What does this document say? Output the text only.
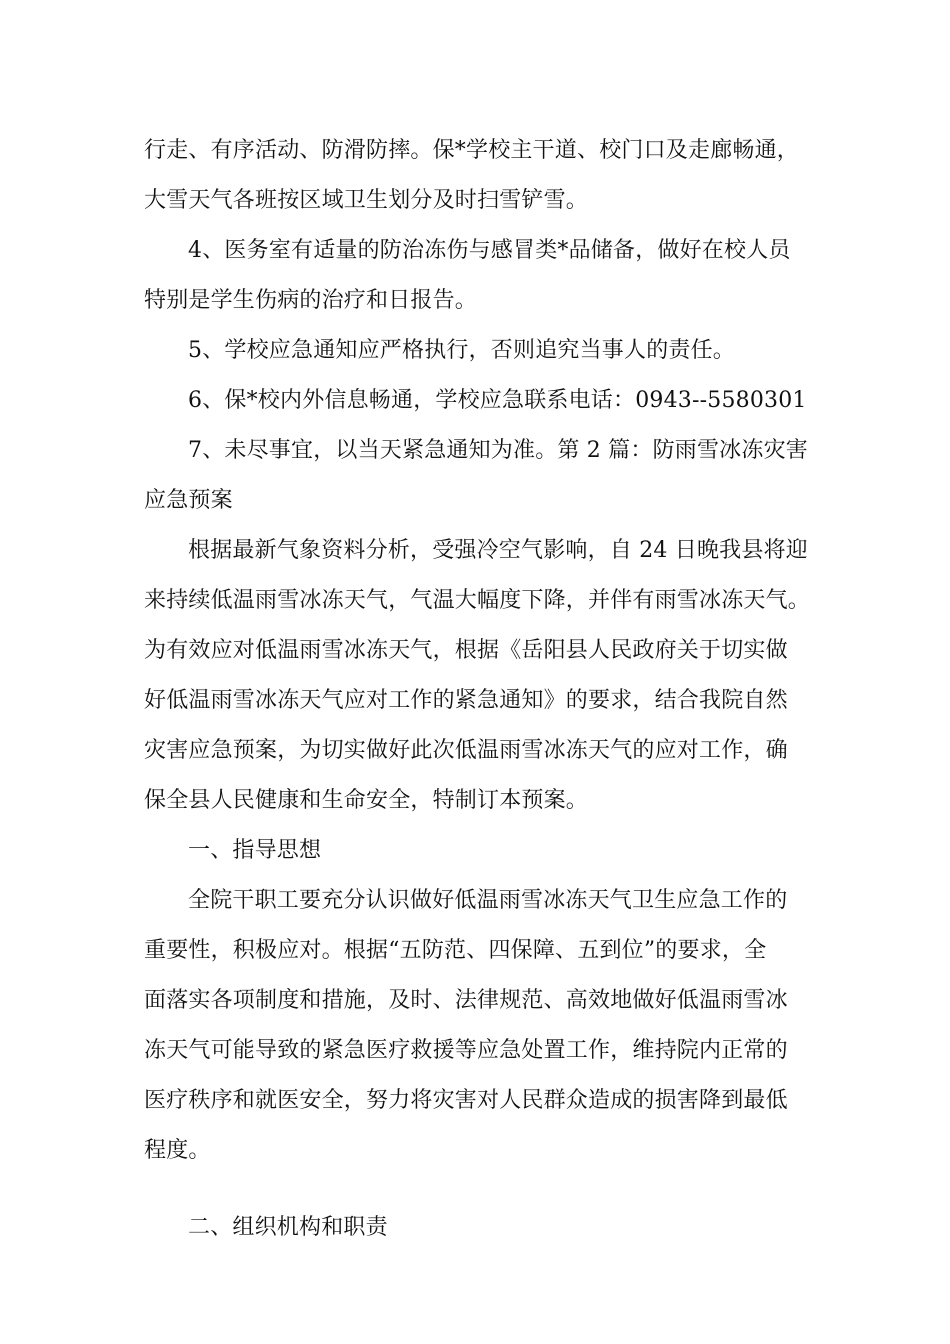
行走、有序活动、防滑防摔。保*学校主干道、校门口及走廊畅通，
大雪天气各班按区域卫生划分及时扫雪铲雪。
4、医务室有适量的防治冻伤与感冒类*品储备，做好在校人员
特别是学生伤病的治疗和日报告。
5、学校应急通知应严格执行，否则追究当事人的责任。
6、保*校内外信息畅通，学校应急联系电话：0943--5580301
7、未尽事宜，以当天紧急通知为准。第 2 篇：防雨雪冰冻灾害
应急预案
根据最新气象资料分析，受强冷空气影响，自 24 日晚我县将迎
来持续低温雨雪冰冻天气，气温大幅度下降，并伴有雨雪冰冻天气。
为有效应对低温雨雪冰冻天气，根据《岳阳县人民政府关于切实做
好低温雨雪冰冻天气应对工作的紧急通知》的要求，结合我院自然
灾害应急预案，为切实做好此次低温雨雪冰冻天气的应对工作，确
保全县人民健康和生命安全，特制订本预案。
一、指导思想
全院干职工要充分认识做好低温雨雪冰冻天气卫生应急工作的
重要性，积极应对。根据“五防范、四保障、五到位”的要求，全
面落实各项制度和措施，及时、法律规范、高效地做好低温雨雪冰
冻天气可能导致的紧急医疗救援等应急处置工作，维持院内正常的
医疗秩序和就医安全，努力将灾害对人民群众造成的损害降到最低
程度。
二、组织机构和职责
